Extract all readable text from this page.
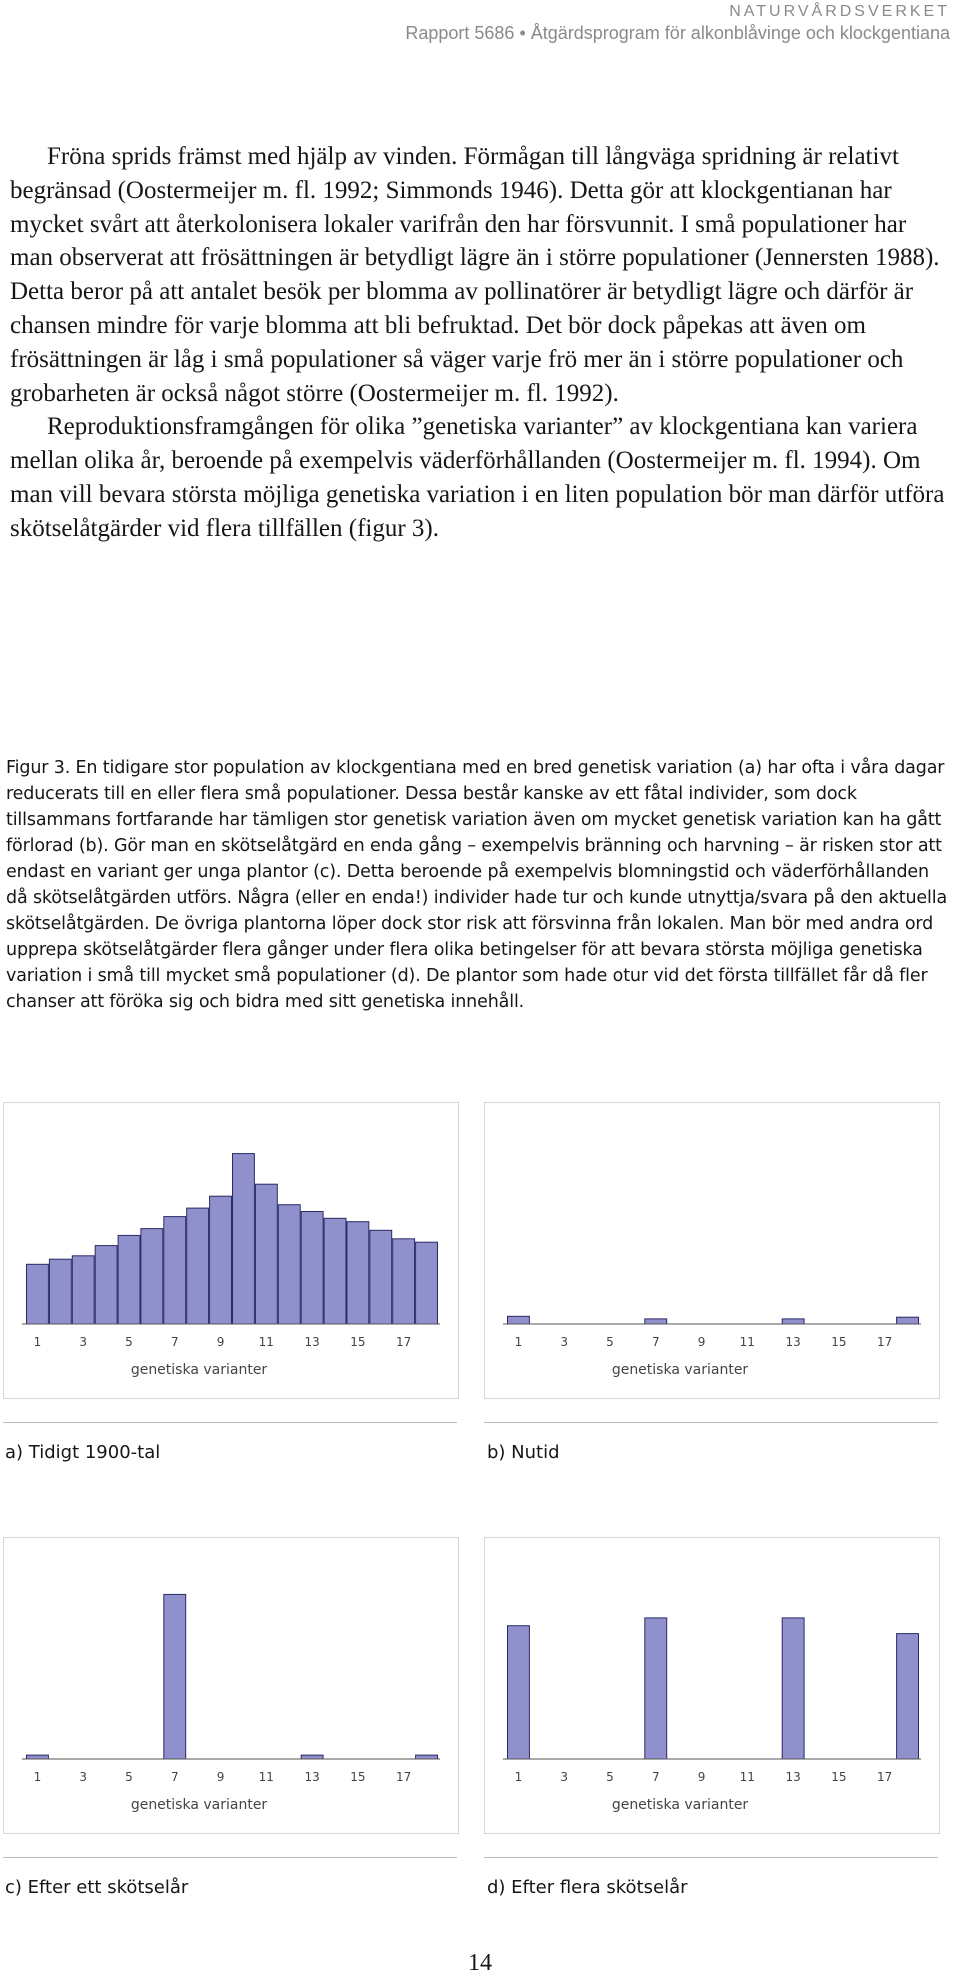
NATURVÅRDSVERKET
Rapport 5686 • Åtgärdsprogram för alkonblåvinge och klockgentiana

Fröna sprids främst med hjälp av vinden. Förmågan till långväga spridning är relativt begränsad (Oostermeijer m. fl. 1992; Simmonds 1946). Detta gör att klockgentianan har mycket svårt att återkolonisera lokaler varifrån den har försvunnit. I små populationer har man observerat att frösättningen är betydligt lägre än i större populationer (Jennersten 1988). Detta beror på att antalet besök per blomma av pollinatörer är betydligt lägre och därför är chansen mindre för varje blomma att bli befruktad. Det bör dock påpekas att även om frösättningen är låg i små populationer så väger varje frö mer än i större populationer och grobarheten är också något större (Oostermeijer m. fl. 1992).

Reproduktionsframgången för olika ”genetiska varianter” av klockgentiana kan variera mellan olika år, beroende på exempelvis väderförhållanden (Oostermeijer m. fl. 1994). Om man vill bevara största möjliga genetiska variation i en liten population bör man därför utföra skötselåtgärder vid flera tillfällen (figur 3).

Figur 3. En tidigare stor population av klockgentiana med en bred genetisk variation (a) har ofta i våra dagar reducerats till en eller flera små populationer. Dessa består kanske av ett fåtal individer, som dock tillsammans fortfarande har tämligen stor genetisk variation även om mycket genetisk variation kan ha gått förlorad (b). Gör man en skötselåtgärd en enda gång – exempelvis bränning och harvning – är risken stor att endast en variant ger unga plantor (c). Detta beroende på exempelvis blomningstid och väderförhållanden då skötselåtgärden utförs. Några (eller en enda!) individer hade tur och kunde utnyttja/svara på den aktuella skötselåtgärden. De övriga plantorna löper dock stor risk att försvinna från lokalen. Man bör med andra ord upprepa skötselåtgärder flera gånger under flera olika betingelser för att bevara största möjliga genetiska variation i små till mycket små populationer (d). De plantor som hade otur vid det första tillfället får då fler chanser att föröka sig och bidra med sitt genetiska innehåll.
1	3	5	7	9	11	13	15	17
genetiska varianter
1	3	5	7	9	11	13	15	17
genetiska varianter
1	3	5	7	9	11	13	15	17
genetiska varianter
1	3	5	7	9	11	13	15	17
genetiska varianter
a) Tidigt 1900-tal	b) Nutid
c) Efter ett skötselår	d) Efter flera skötselår
14
